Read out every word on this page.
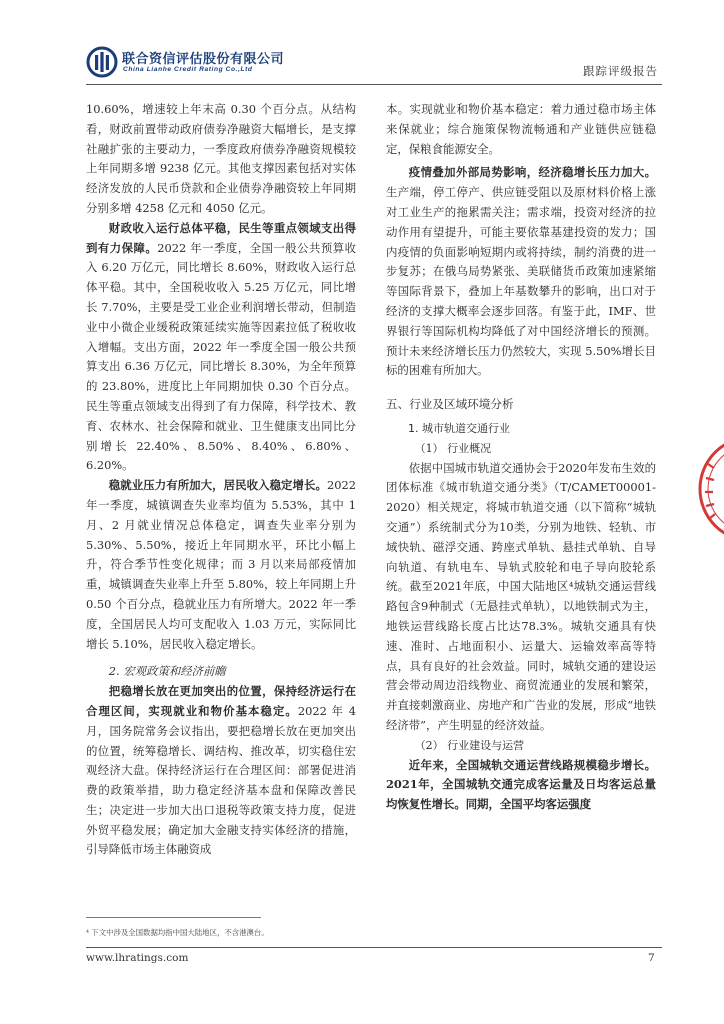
联合资信评估股份有限公司
China Lianhe Credit Rating Co.,Ltd	跟踪评级报告

10.60%，增速较上年末高 0.30 个百分点。从结构看，财政前置带动政府债券净融资大幅增长，是支撑社融扩张的主要动力，一季度政府债券净融资规模较上年同期多增 9238 亿元。其他支撑因素包括对实体经济发放的人民币贷款和企业债券净融资较上年同期分别多增 4258 亿元和 4050 亿元。

财政收入运行总体平稳，民生等重点领域支出得到有力保障。2022 年一季度，全国一般公共预算收入 6.20 万亿元，同比增长 8.60%，财政收入运行总体平稳。其中，全国税收收入 5.25 万亿元，同比增长 7.70%，主要是受工业企业利润增长带动，但制造业中小微企业缓税政策延续实施等因素拉低了税收收入增幅。支出方面，2022 年一季度全国一般公共预算支出 6.36 万亿元，同比增长 8.30%，为全年预算的 23.80%，进度比上年同期加快 0.30 个百分点。民生等重点领域支出得到了有力保障，科学技术、教育、农林水、社会保障和就业、卫生健康支出同比分别增长 22.40%、8.50%、8.40%、6.80%、6.20%。

稳就业压力有所加大，居民收入稳定增长。2022 年一季度，城镇调查失业率均值为 5.53%，其中 1 月、2 月就业情况总体稳定，调查失业率分别为 5.30%、5.50%，接近上年同期水平，环比小幅上升，符合季节性变化规律；而 3 月以来局部疫情加重，城镇调查失业率上升至 5.80%，较上年同期上升 0.50 个百分点，稳就业压力有所增大。2022 年一季度，全国居民人均可支配收入 1.03 万元，实际同比增长 5.10%，居民收入稳定增长。

2. 宏观政策和经济前瞻

把稳增长放在更加突出的位置，保持经济运行在合理区间，实现就业和物价基本稳定。2022 年 4 月，国务院常务会议指出，要把稳增长放在更加突出的位置，统筹稳增长、调结构、推改革，切实稳住宏观经济大盘。保持经济运行在合理区间：部署促进消费的政策举措，助力稳定经济基本盘和保障改善民生；决定进一步加大出口退税等政策支持力度，促进外贸平稳发展；确定加大金融支持实体经济的措施，引导降低市场主体融资成

本。实现就业和物价基本稳定：着力通过稳市场主体来保就业；综合施策保物流畅通和产业链供应链稳定，保粮食能源安全。

疫情叠加外部局势影响，经济稳增长压力加大。生产端，停工停产、供应链受阻以及原材料价格上涨对工业生产的拖累需关注；需求端，投资对经济的拉动作用有望提升，可能主要依靠基建投资的发力；国内疫情的负面影响短期内或将持续，制约消费的进一步复苏；在俄乌局势紧张、美联储货币政策加速紧缩等国际背景下，叠加上年基数攀升的影响，出口对于经济的支撑大概率会逐步回落。有鉴于此，IMF、世界银行等国际机构均降低了对中国经济增长的预测。预计未来经济增长压力仍然较大，实现 5.50%增长目标的困难有所加大。

五、行业及区域环境分析

1. 城市轨道交通行业

（1） 行业概况

依据中国城市轨道交通协会于2020年发布生效的团体标准《城市轨道交通分类》（T/CAMET00001-2020）相关规定，将城市轨道交通（以下简称“城轨交通”）系统制式分为10类，分别为地铁、轻轨、市域快轨、磁浮交通、跨座式单轨、悬挂式单轨、自导向轨道、有轨电车、导轨式胶轮和电子导向胶轮系统。截至2021年底，中国大陆地区⁴城轨交通运营线路包含9种制式（无悬挂式单轨），以地铁制式为主，地铁运营线路长度占比达78.3%。城轨交通具有快速、准时、占地面积小、运量大、运输效率高等特点，具有良好的社会效益。同时，城轨交通的建设运营会带动周边沿线物业、商贸流通业的发展和繁荣，并直接刺激商业、房地产和广告业的发展，形成“地铁经济带”，产生明显的经济效益。

（2） 行业建设与运营

近年来，全国城轨交通运营线路规模稳步增长。2021年，全国城轨交通完成客运量及日均客运总量均恢复性增长。同期，全国平均客运强度

⁴ 下文中涉及全国数据均指中国大陆地区，不含港澳台。
www.lhratings.com	7
